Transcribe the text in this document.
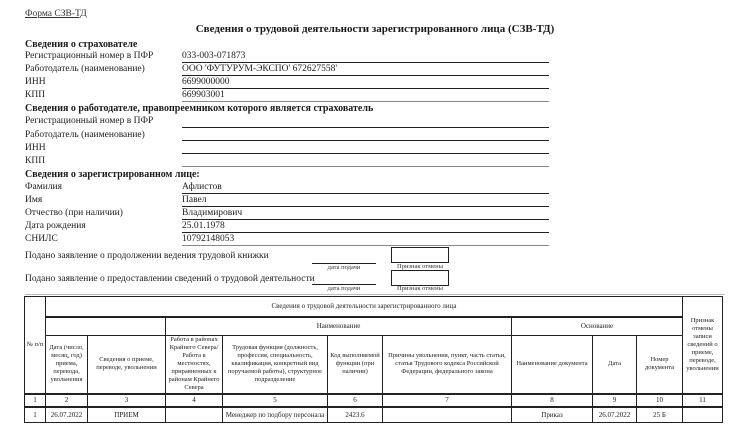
Форма СЗВ-ТД
Сведения о трудовой деятельности зарегистрированного лица (СЗВ-ТД)
Сведения о страхователе
Регистрационный номер в ПФР	033-003-071873
Работодатель (наименование)	ООО 'ФУТУРУМ-ЭКСПО' 672627558'
ИНН	6699000000
КПП	669903001
Сведения о работодателе, правопреемником которого является страхователь
Регистрационный номер в ПФР
Работодатель (наименование)
ИНН
КПП
Сведения о зарегистрированном лице:
Фамилия	Афлистов
Имя	Павел
Отчество (при наличии)	Владимирович
Дата рождения	25.01.1978
СНИЛС	10792148053
Подано заявление о продолжении ведения трудовой книжки
дата подачи	Признак отмены
Подано заявление о предоставлении сведений о трудовой деятельности
дата подачи	Признак отмены
№ п/п	Сведения о трудовой деятельности зарегистрированного лица									Признак отмены записи сведений о приеме, переводе, увольнении
			Наименование				Основание			
	Дата (число, месяц, год) приема, перевода, увольнения	Сведения о приеме, переводе, увольнении	Работа в районах Крайнего Севера/Работа в местностях, приравненных к районам Крайнего Севера	Трудовая функция (должность, профессия, специальность, квалификация, конкретный вид поручаемой работы), структурное подразделение	Код выполняемой функции (при наличии)	Причины увольнения, пункт, часть статьи, статья Трудового кодекса Российской Федерации, федерального закона	Наименование документа	Дата	Номер документа	
1	2	3	4	5	6	7	8	9	10	11
1	26.07.2022	ПРИЕМ		Менеджер по подбору персонала	2423.6		Приказ	26.07.2022	25 Б	
